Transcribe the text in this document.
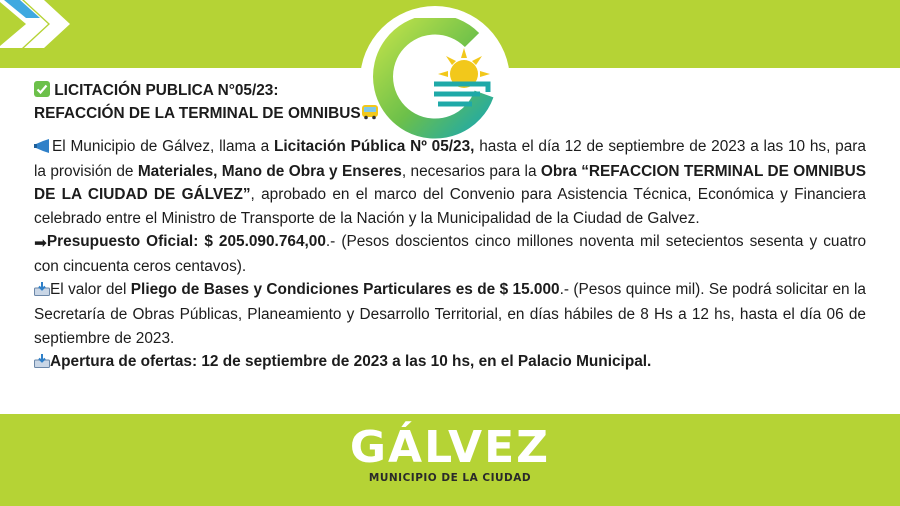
LICITACIÓN PUBLICA N°05/23:
REFACCIÓN DE LA TERMINAL DE OMNIBUS

El Municipio de Gálvez, llama a Licitación Pública Nº 05/23, hasta el día 12 de septiembre de 2023 a las 10 hs, para la provisión de Materiales, Mano de Obra y Enseres, necesarios para la Obra “REFACCION TERMINAL DE OMNIBUS DE LA CIUDAD DE GÁLVEZ”, aprobado en el marco del Convenio para Asistencia Técnica, Económica y Financiera celebrado entre el Ministro de Transporte de la Nación y la Municipalidad de la Ciudad de Galvez.

➡Presupuesto Oficial: $ 205.090.764,00.- (Pesos doscientos cinco millones noventa mil setecientos sesenta y cuatro con cincuenta ceros centavos).

El valor del Pliego de Bases y Condiciones Particulares es de $ 15.000.- (Pesos quince mil). Se podrá solicitar en la Secretaría de Obras Públicas, Planeamiento y Desarrollo Territorial, en días hábiles de 8 Hs a 12 hs, hasta el día 06 de septiembre de 2023.

Apertura de ofertas: 12 de septiembre de 2023 a las 10 hs, en el Palacio Municipal.

GÁLVEZ
MUNICIPIO DE LA CIUDAD
